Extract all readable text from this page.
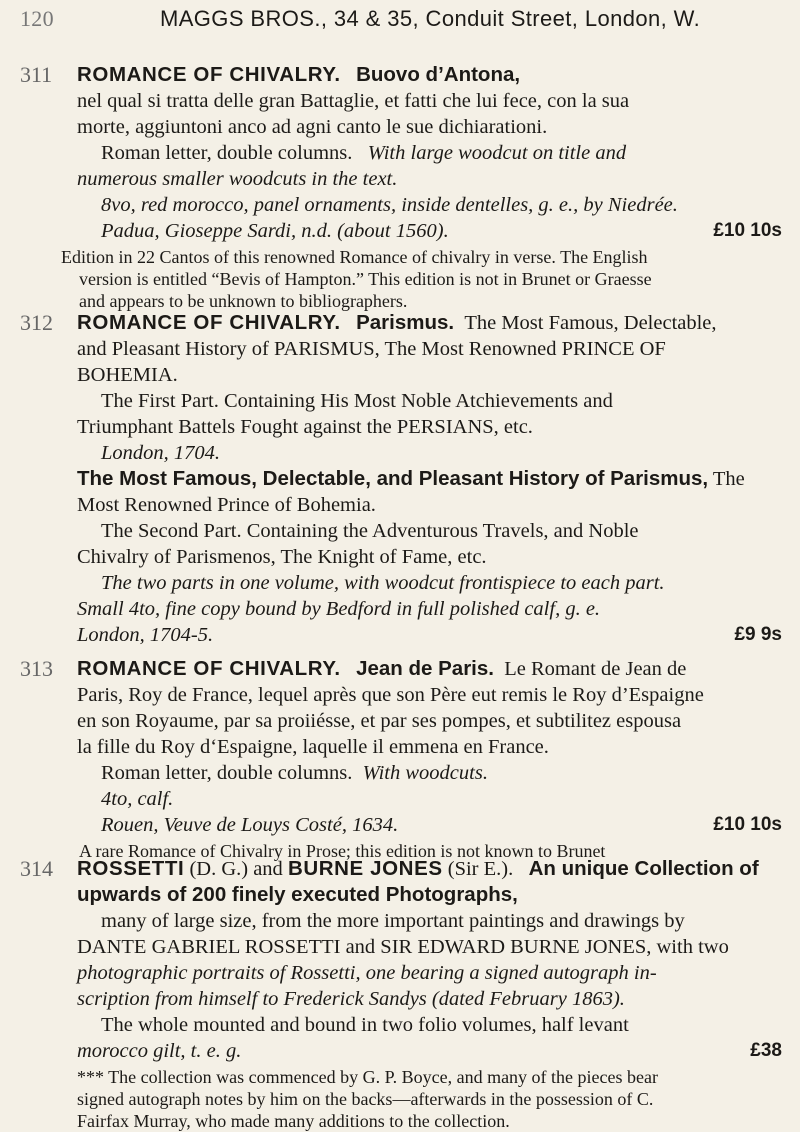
120	MAGGS BROS., 34 & 35, Conduit Street, London, W.
311	ROMANCE OF CHIVALRY. Buovo d’Antona,
nel qual si tratta delle gran Battaglie, et fatti che lui fece, con la sua
morte, aggiuntoni anco ad agni canto le sue dichiarationi.
Roman letter, double columns. With large woodcut on title and
numerous smaller woodcuts in the text.
8vo, red morocco, panel ornaments, inside dentelles, g. e., by Niedrée.
Padua, Gioseppe Sardi, n.d. (about 1560).	£10 10s
Edition in 22 Cantos of this renowned Romance of chivalry in verse. The English
version is entitled “Bevis of Hampton.” This edition is not in Brunet or Graesse
and appears to be unknown to bibliographers.
312	ROMANCE OF CHIVALRY. Parismus. The Most Famous, Delectable,
and Pleasant History of PARISMUS, The Most Renowned PRINCE OF
BOHEMIA.
The First Part. Containing His Most Noble Atchievements and
Triumphant Battels Fought against the PERSIANS, etc.
London, 1704.
The Most Famous, Delectable, and Pleasant History of Parismus, The
Most Renowned Prince of Bohemia.
The Second Part. Containing the Adventurous Travels, and Noble
Chivalry of Parismenos, The Knight of Fame, etc.
The two parts in one volume, with woodcut frontispiece to each part.
Small 4to, fine copy bound by Bedford in full polished calf, g. e.
London, 1704-5.	£9 9s
313	ROMANCE OF CHIVALRY. Jean de Paris. Le Romant de Jean de
Paris, Roy de France, lequel après que son Père eut remis le Roy d’Espaigne
en son Royaume, par sa proiiésse, et par ses pompes, et subtilitez espousa
la fille du Roy d‘Espaigne, laquelle il emmena en France.
Roman letter, double columns. With woodcuts.
4to, calf.
Rouen, Veuve de Louys Costé, 1634.	£10 10s
A rare Romance of Chivalry in Prose; this edition is not known to Brunet
314	ROSSETTI (D. G.) and BURNE JONES (Sir E.). An unique Collection of
upwards of 200 finely executed Photographs,
many of large size, from the more important paintings and drawings by
DANTE GABRIEL ROSSETTI and SIR EDWARD BURNE JONES, with two
photographic portraits of Rossetti, one bearing a signed autograph in-
scription from himself to Frederick Sandys (dated February 1863).
The whole mounted and bound in two folio volumes, half levant
morocco gilt, t. e. g.	£38
*** The collection was commenced by G. P. Boyce, and many of the pieces bear
signed autograph notes by him on the backs—afterwards in the possession of C.
Fairfax Murray, who made many additions to the collection.
